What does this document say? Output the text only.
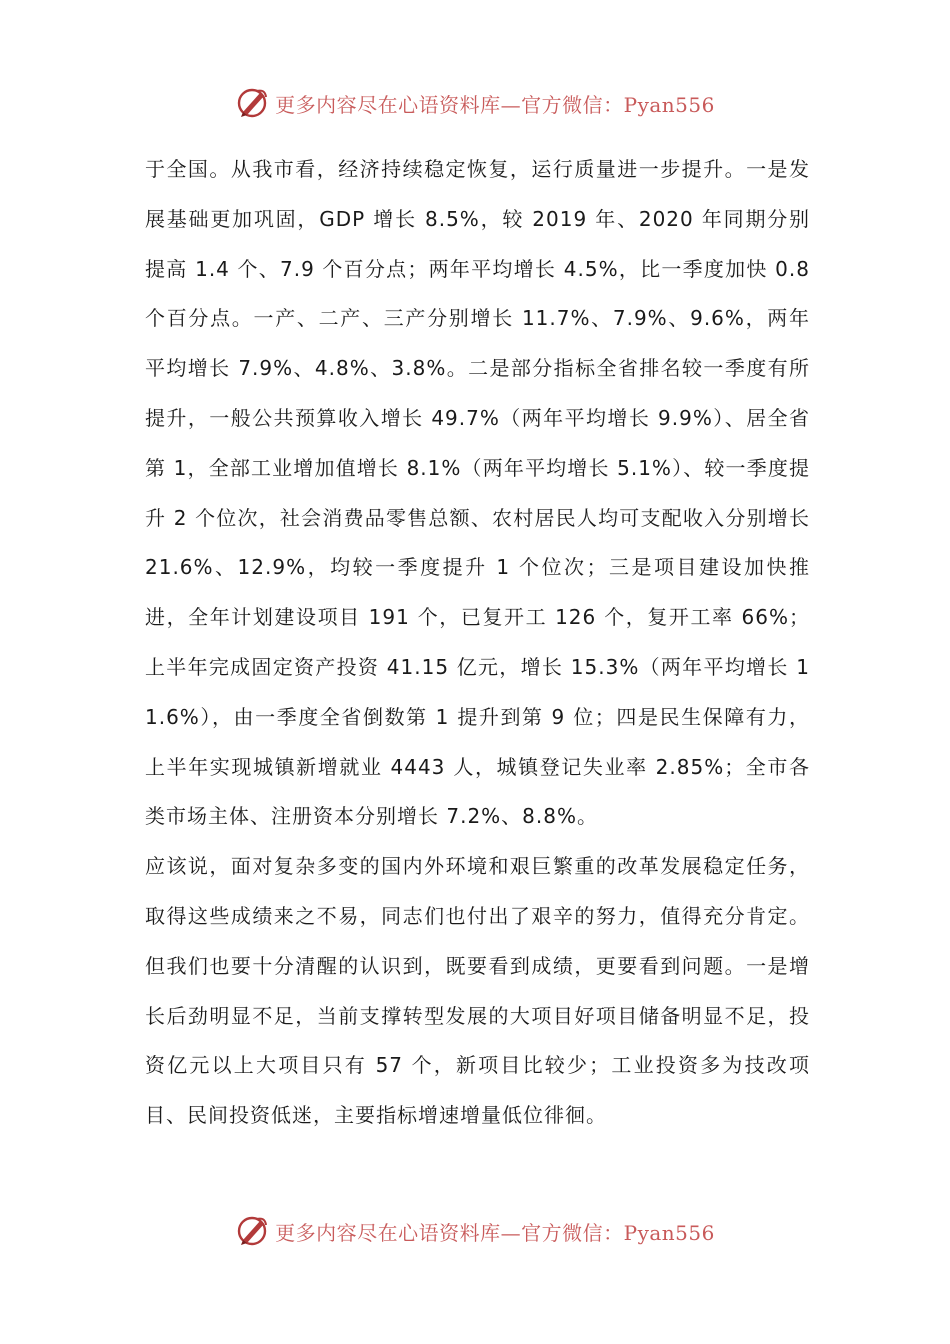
更多内容尽在心语资料库—官方微信：Pyan556

于全国。从我市看，经济持续稳定恢复，运行质量进一步提升。一是发展基础更加巩固，GDP 增长 8.5%，较 2019 年、2020 年同期分别提高 1.4 个、7.9 个百分点；两年平均增长 4.5%，比一季度加快 0.8 个百分点。一产、二产、三产分别增长 11.7%、7.9%、9.6%，两年平均增长 7.9%、4.8%、3.8%。二是部分指标全省排名较一季度有所提升，一般公共预算收入增长 49.7%（两年平均增长 9.9%）、居全省第 1，全部工业增加值增长 8.1%（两年平均增长 5.1%）、较一季度提升 2 个位次，社会消费品零售总额、农村居民人均可支配收入分别增长 21.6%、12.9%，均较一季度提升 1 个位次；三是项目建设加快推进，全年计划建设项目 191 个，已复开工 126 个，复开工率 66%；上半年完成固定资产投资 41.15 亿元，增长 15.3%（两年平均增长 11.6%），由一季度全省倒数第 1 提升到第 9 位；四是民生保障有力，上半年实现城镇新增就业 4443 人，城镇登记失业率 2.85%；全市各类市场主体、注册资本分别增长 7.2%、8.8%。

应该说，面对复杂多变的国内外环境和艰巨繁重的改革发展稳定任务，取得这些成绩来之不易，同志们也付出了艰辛的努力，值得充分肯定。但我们也要十分清醒的认识到，既要看到成绩，更要看到问题。一是增长后劲明显不足，当前支撑转型发展的大项目好项目储备明显不足，投资亿元以上大项目只有 57 个，新项目比较少；工业投资多为技改项目、民间投资低迷，主要指标增速增量低位徘徊。

更多内容尽在心语资料库—官方微信：Pyan556
